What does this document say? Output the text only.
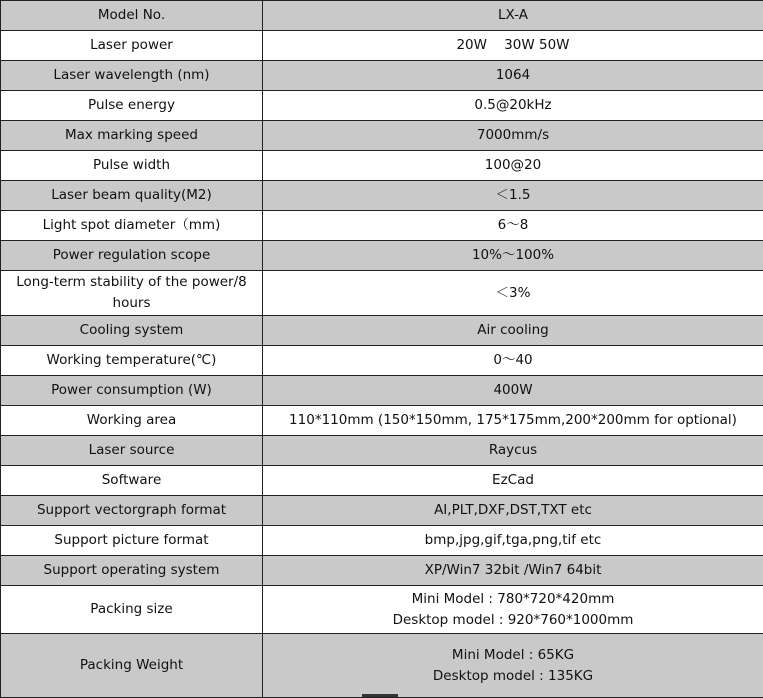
Model No.	LX-A
Laser power	20W    30W 50W
Laser wavelength (nm)	1064
Pulse energy	0.5@20kHz
Max marking speed	7000mm/s
Pulse width	100@20
Laser beam quality(M2)	＜1.5
Light spot diameter（mm)	6～8
Power regulation scope	10%～100%
Long-term stability of the power/8 hours	＜3%
Cooling system	Air cooling
Working temperature(℃)	0～40
Power consumption (W)	400W
Working area	110*110mm (150*150mm, 175*175mm,200*200mm for optional)
Laser source	Raycus
Software	EzCad
Support vectorgraph format	AI,PLT,DXF,DST,TXT etc
Support picture format	bmp,jpg,gif,tga,png,tif etc
Support operating system	XP/Win7 32bit /Win7 64bit
Packing size	Mini Model : 780*720*420mm
Desktop model : 920*760*1000mm

Packing Weight	Mini Model : 65KG
Desktop model : 135KG
